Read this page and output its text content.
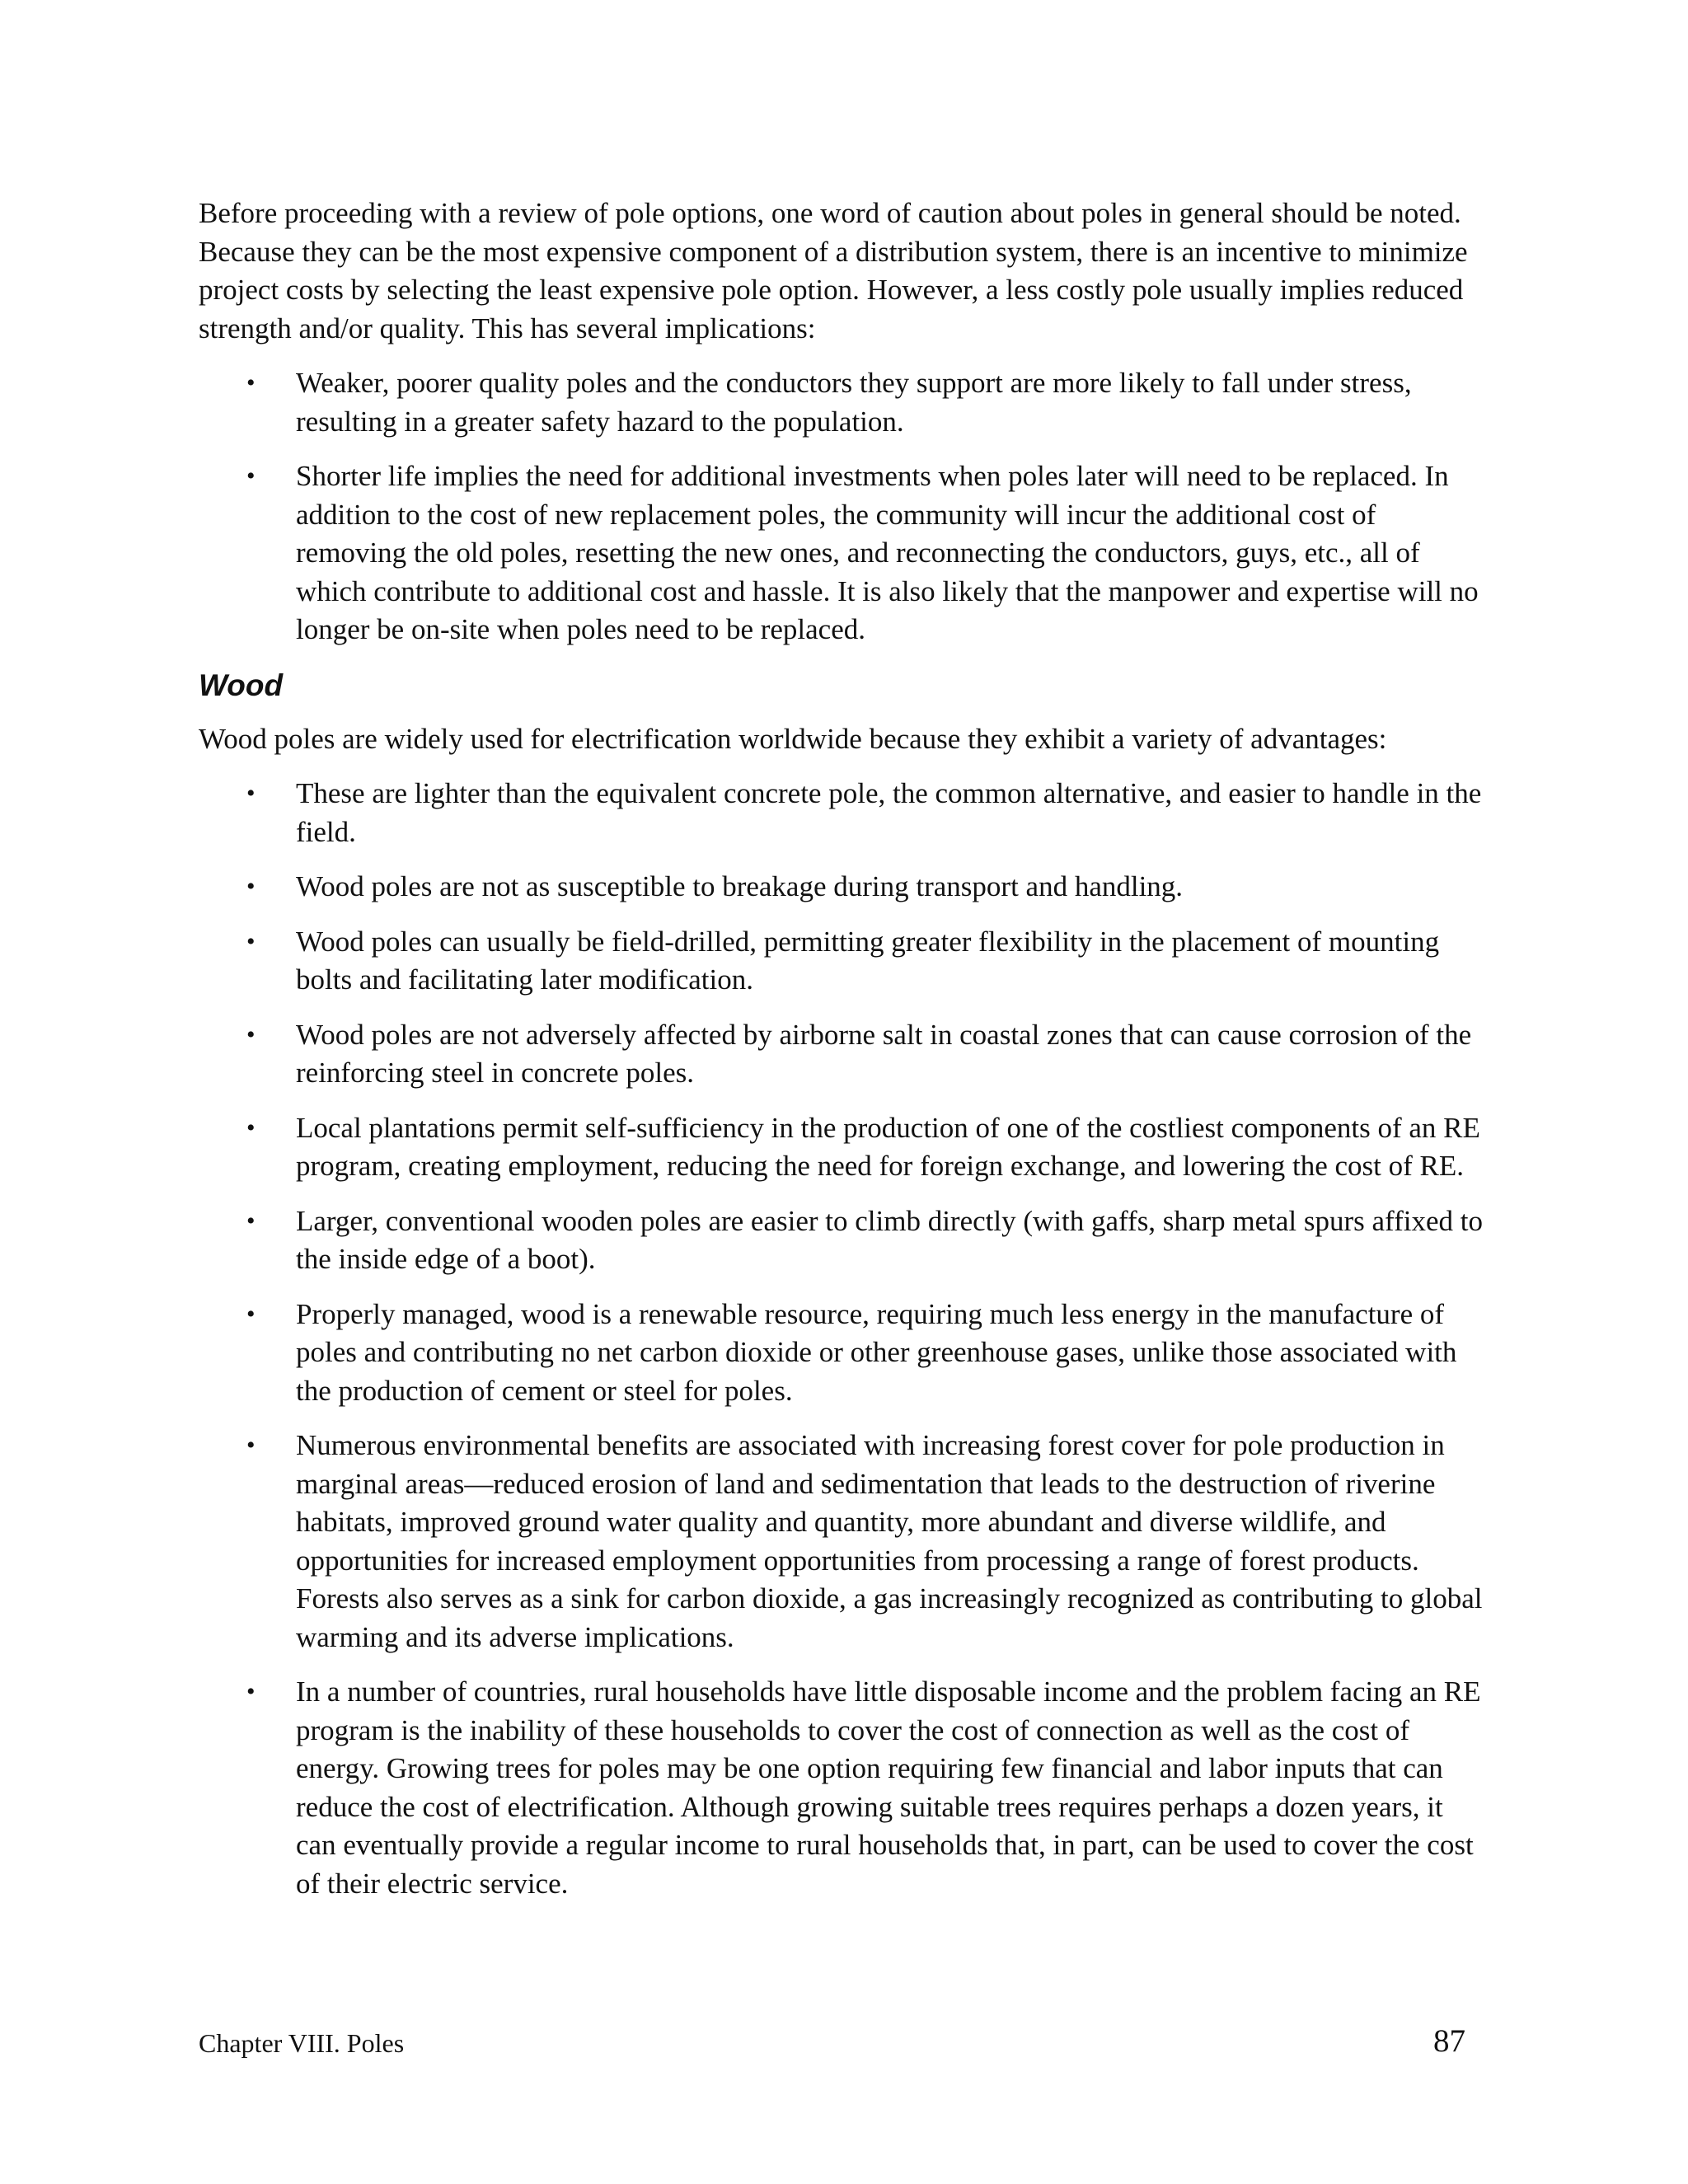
Before proceeding with a review of pole options, one word of caution about poles in general should be noted. Because they can be the most expensive component of a distribution system, there is an incentive to minimize project costs by selecting the least expensive pole option. However, a less costly pole usually implies reduced strength and/or quality. This has several implications:

• Weaker, poorer quality poles and the conductors they support are more likely to fall under stress, resulting in a greater safety hazard to the population.
• Shorter life implies the need for additional investments when poles later will need to be replaced. In addition to the cost of new replacement poles, the community will incur the additional cost of removing the old poles, resetting the new ones, and reconnecting the conductors, guys, etc., all of which contribute to additional cost and hassle. It is also likely that the manpower and expertise will no longer be on-site when poles need to be replaced.
Wood

Wood poles are widely used for electrification worldwide because they exhibit a variety of advantages:

• These are lighter than the equivalent concrete pole, the common alternative, and easier to handle in the field.
• Wood poles are not as susceptible to breakage during transport and handling.
• Wood poles can usually be field-drilled, permitting greater flexibility in the placement of mounting bolts and facilitating later modification.
• Wood poles are not adversely affected by airborne salt in coastal zones that can cause corrosion of the reinforcing steel in concrete poles.
• Local plantations permit self-sufficiency in the production of one of the costliest components of an RE program, creating employment, reducing the need for foreign exchange, and lowering the cost of RE.
• Larger, conventional wooden poles are easier to climb directly (with gaffs, sharp metal spurs affixed to the inside edge of a boot).
• Properly managed, wood is a renewable resource, requiring much less energy in the manufacture of poles and contributing no net carbon dioxide or other greenhouse gases, unlike those associated with the production of cement or steel for poles.
• Numerous environmental benefits are associated with increasing forest cover for pole production in marginal areas—reduced erosion of land and sedimentation that leads to the destruction of riverine habitats, improved ground water quality and quantity, more abundant and diverse wildlife, and opportunities for increased employment opportunities from processing a range of forest products. Forests also serves as a sink for carbon dioxide, a gas increasingly recognized as contributing to global warming and its adverse implications.
• In a number of countries, rural households have little disposable income and the problem facing an RE program is the inability of these households to cover the cost of connection as well as the cost of energy. Growing trees for poles may be one option requiring few financial and labor inputs that can reduce the cost of electrification. Although growing suitable trees requires perhaps a dozen years, it can eventually provide a regular income to rural households that, in part, can be used to cover the cost of their electric service.
Chapter VIII. Poles	87
